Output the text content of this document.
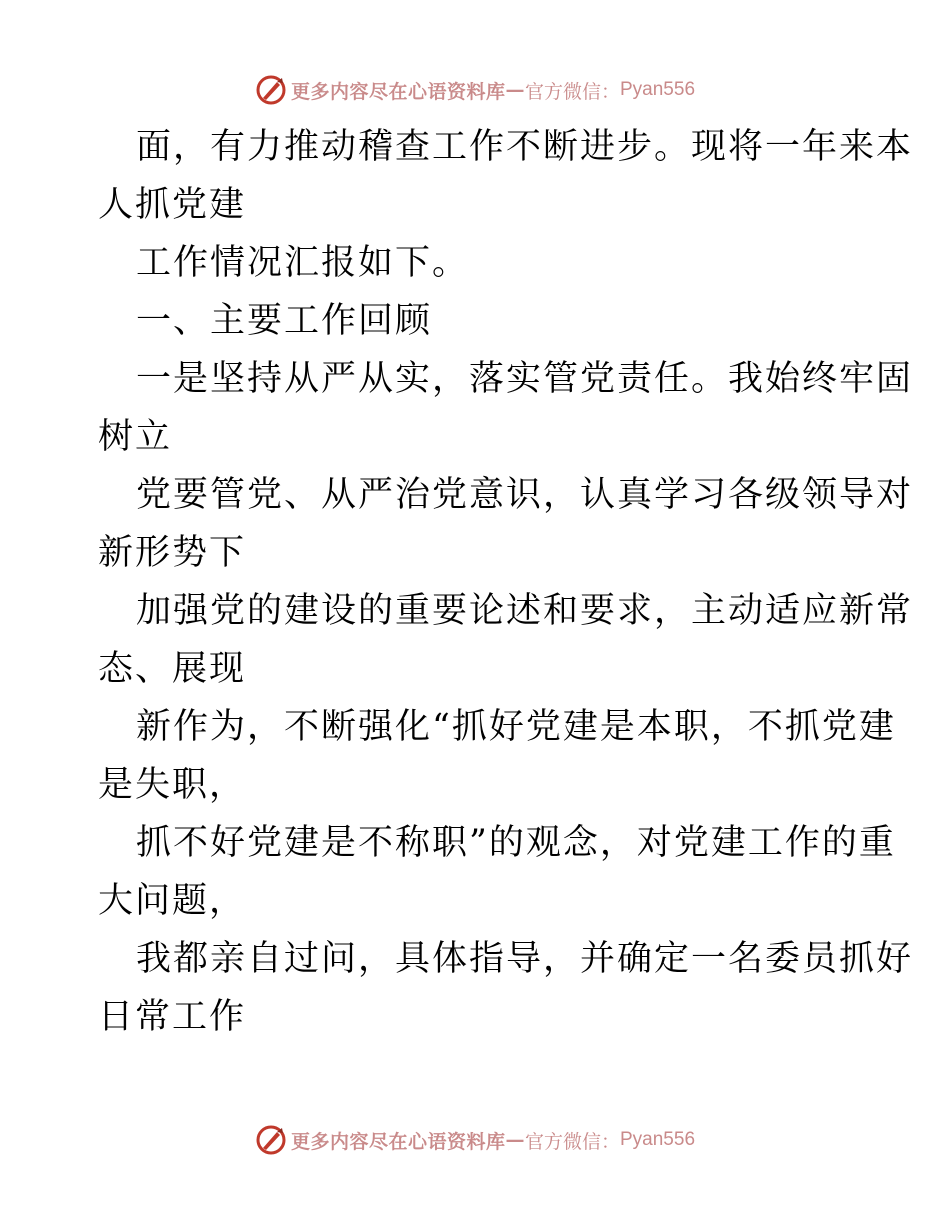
更多内容尽在心语资料库 — 官方微信： Pyan556
面，有力推动稽查工作不断进步。现将一年来本
人抓党建
工作情况汇报如下。
一、主要工作回顾
一是坚持从严从实，落实管党责任。我始终牢固
树立
党要管党、从严治党意识，认真学习各级领导对
新形势下
加强党的建设的重要论述和要求，主动适应新常
态、展现
新作为，不断强化“抓好党建是本职，不抓党建
是失职，
抓不好党建是不称职”的观念，对党建工作的重
大问题，
我都亲自过问，具体指导，并确定一名委员抓好
日常工作
更多内容尽在心语资料库 — 官方微信： Pyan556
